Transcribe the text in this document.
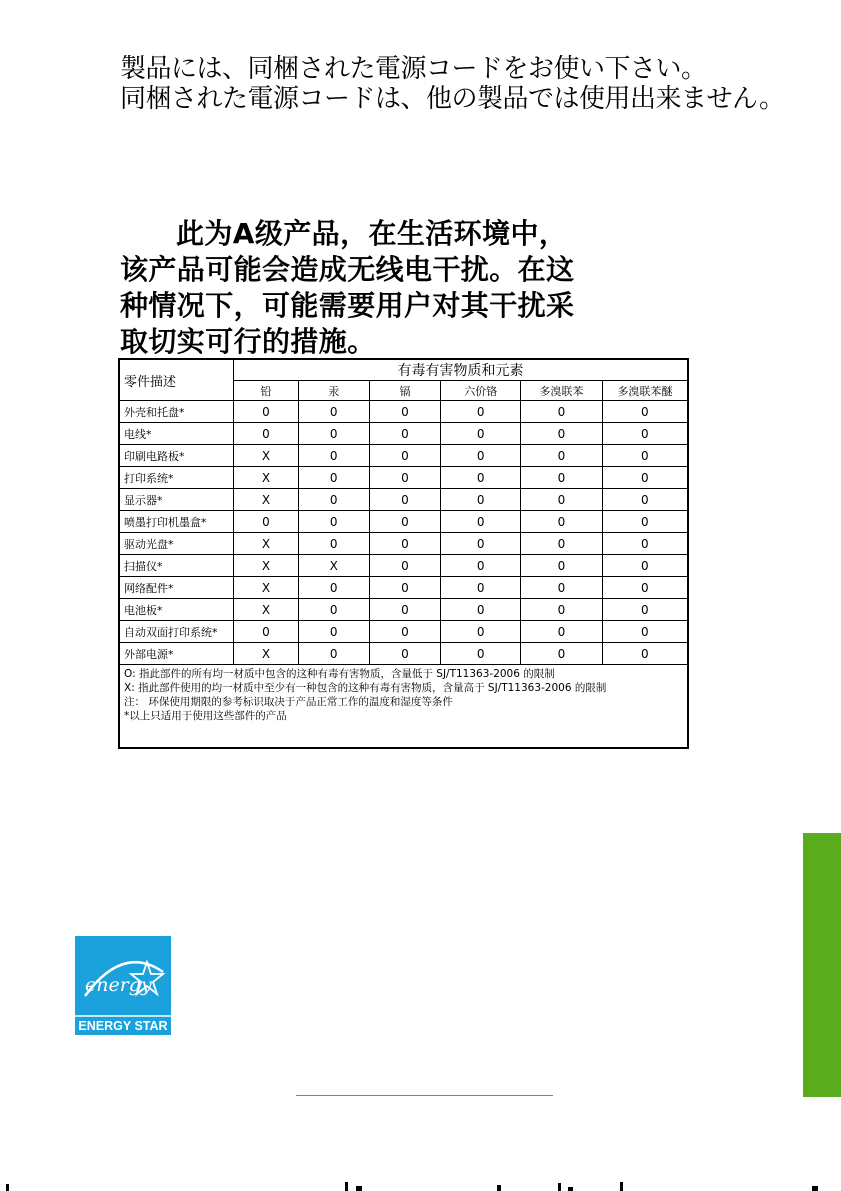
製品には、同梱された電源コードをお使い下さい。
同梱された電源コードは、他の製品では使用出来ません。
此为A级产品，在生活环境中，该产品可能会造成无线电干扰。在这种情况下，可能需要用户对其干扰采取切实可行的措施。
零件描述	有毒有害物质和元素					
	铅	汞	镉	六价铬	多溴联苯	多溴联苯醚
外壳和托盘*	0	0	0	0	0	0
电线*	0	0	0	0	0	0
印刷电路板*	X	0	0	0	0	0
打印系统*	X	0	0	0	0	0
显示器*	X	0	0	0	0	0
喷墨打印机墨盒*	0	0	0	0	0	0
驱动光盘*	X	0	0	0	0	0
扫描仪*	X	X	0	0	0	0
网络配件*	X	0	0	0	0	0
电池板*	X	0	0	0	0	0
自动双面打印系统*	0	0	0	0	0	0
外部电源*	X	0	0	0	0	0

O: 指此部件的所有均一材质中包含的这种有毒有害物质，含量低于 SJ/T11363-2006 的限制
X: 指此部件使用的均一材质中至少有一种包含的这种有毒有害物质，含量高于 SJ/T11363-2006 的限制
注： 环保使用期限的参考标识取决于产品正常工作的温度和湿度等条件
*以上只适用于使用这些部件的产品						
energy
ENERGY STAR
